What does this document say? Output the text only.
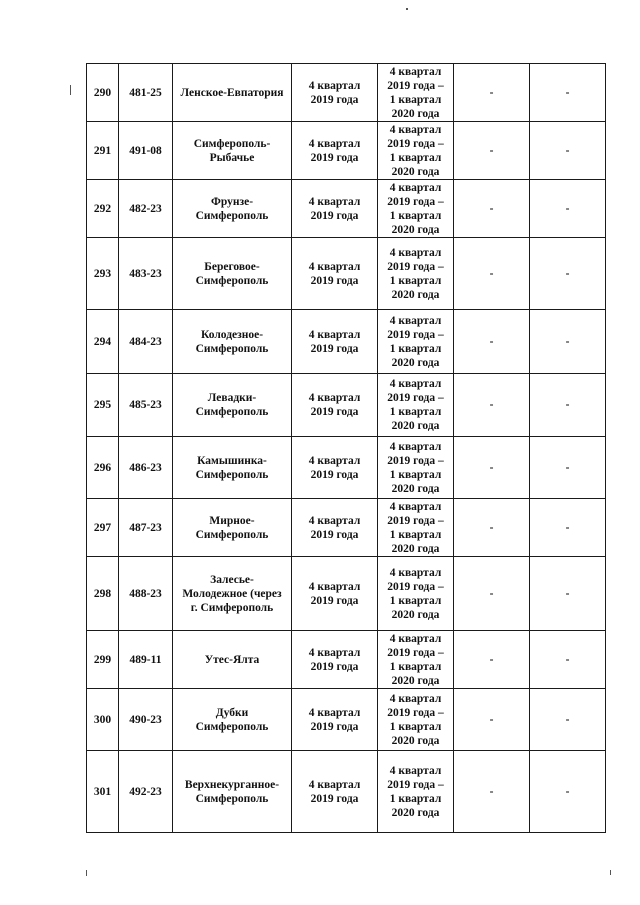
290	481-25	Ленское-Евпатория	4 квартал
2019 года	4 квартал
2019 года –
1 квартал
2020 года	-	-
291	491-08	Симферополь-
Рыбачье	4 квартал
2019 года	4 квартал
2019 года –
1 квартал
2020 года	-	-
292	482-23	Фрунзе-
Симферополь	4 квартал
2019 года	4 квартал
2019 года –
1 квартал
2020 года	-	-
293	483-23	Береговое-
Симферополь	4 квартал
2019 года	4 квартал
2019 года –
1 квартал
2020 года	-	-
294	484-23	Колодезное-
Симферополь	4 квартал
2019 года	4 квартал
2019 года –
1 квартал
2020 года	-	-
295	485-23	Левадки-
Симферополь	4 квартал
2019 года	4 квартал
2019 года –
1 квартал
2020 года	-	-
296	486-23	Камышинка-
Симферополь	4 квартал
2019 года	4 квартал
2019 года –
1 квартал
2020 года	-	-
297	487-23	Мирное-
Симферополь	4 квартал
2019 года	4 квартал
2019 года –
1 квартал
2020 года	-	-
298	488-23	Залесье-
Молодежное (через
г. Симферополь	4 квартал
2019 года	4 квартал
2019 года –
1 квартал
2020 года	-	-
299	489-11	Утес-Ялта	4 квартал
2019 года	4 квартал
2019 года –
1 квартал
2020 года	-	-
300	490-23	Дубки
Симферополь	4 квартал
2019 года	4 квартал
2019 года –
1 квартал
2020 года	-	-
301	492-23	Верхнекурганное-
Симферополь	4 квартал
2019 года	4 квартал
2019 года –
1 квартал
2020 года	-	-
